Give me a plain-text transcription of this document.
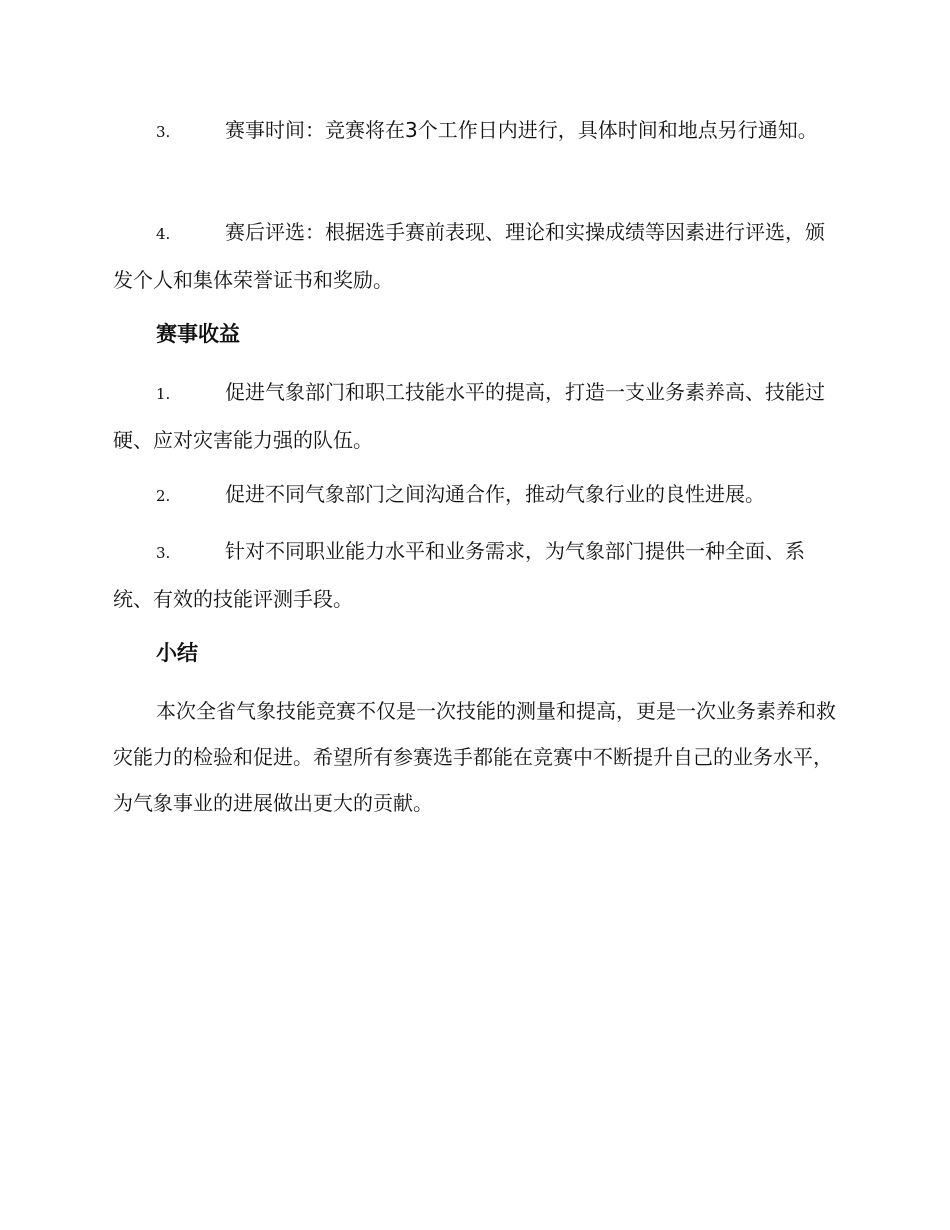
3.	赛事时间：竞赛将在3个工作日内进行，具体时间和地点另行通知。
4.	赛后评选：根据选手赛前表现、理论和实操成绩等因素进行评选，颁发个人和集体荣誉证书和奖励。
赛事收益
1.	促进气象部门和职工技能水平的提高，打造一支业务素养高、技能过硬、应对灾害能力强的队伍。
2.	促进不同气象部门之间沟通合作，推动气象行业的良性进展。
3.	针对不同职业能力水平和业务需求，为气象部门提供一种全面、系统、有效的技能评测手段。
小结
本次全省气象技能竞赛不仅是一次技能的测量和提高，更是一次业务素养和救灾能力的检验和促进。希望所有参赛选手都能在竞赛中不断提升自己的业务水平，为气象事业的进展做出更大的贡献。
